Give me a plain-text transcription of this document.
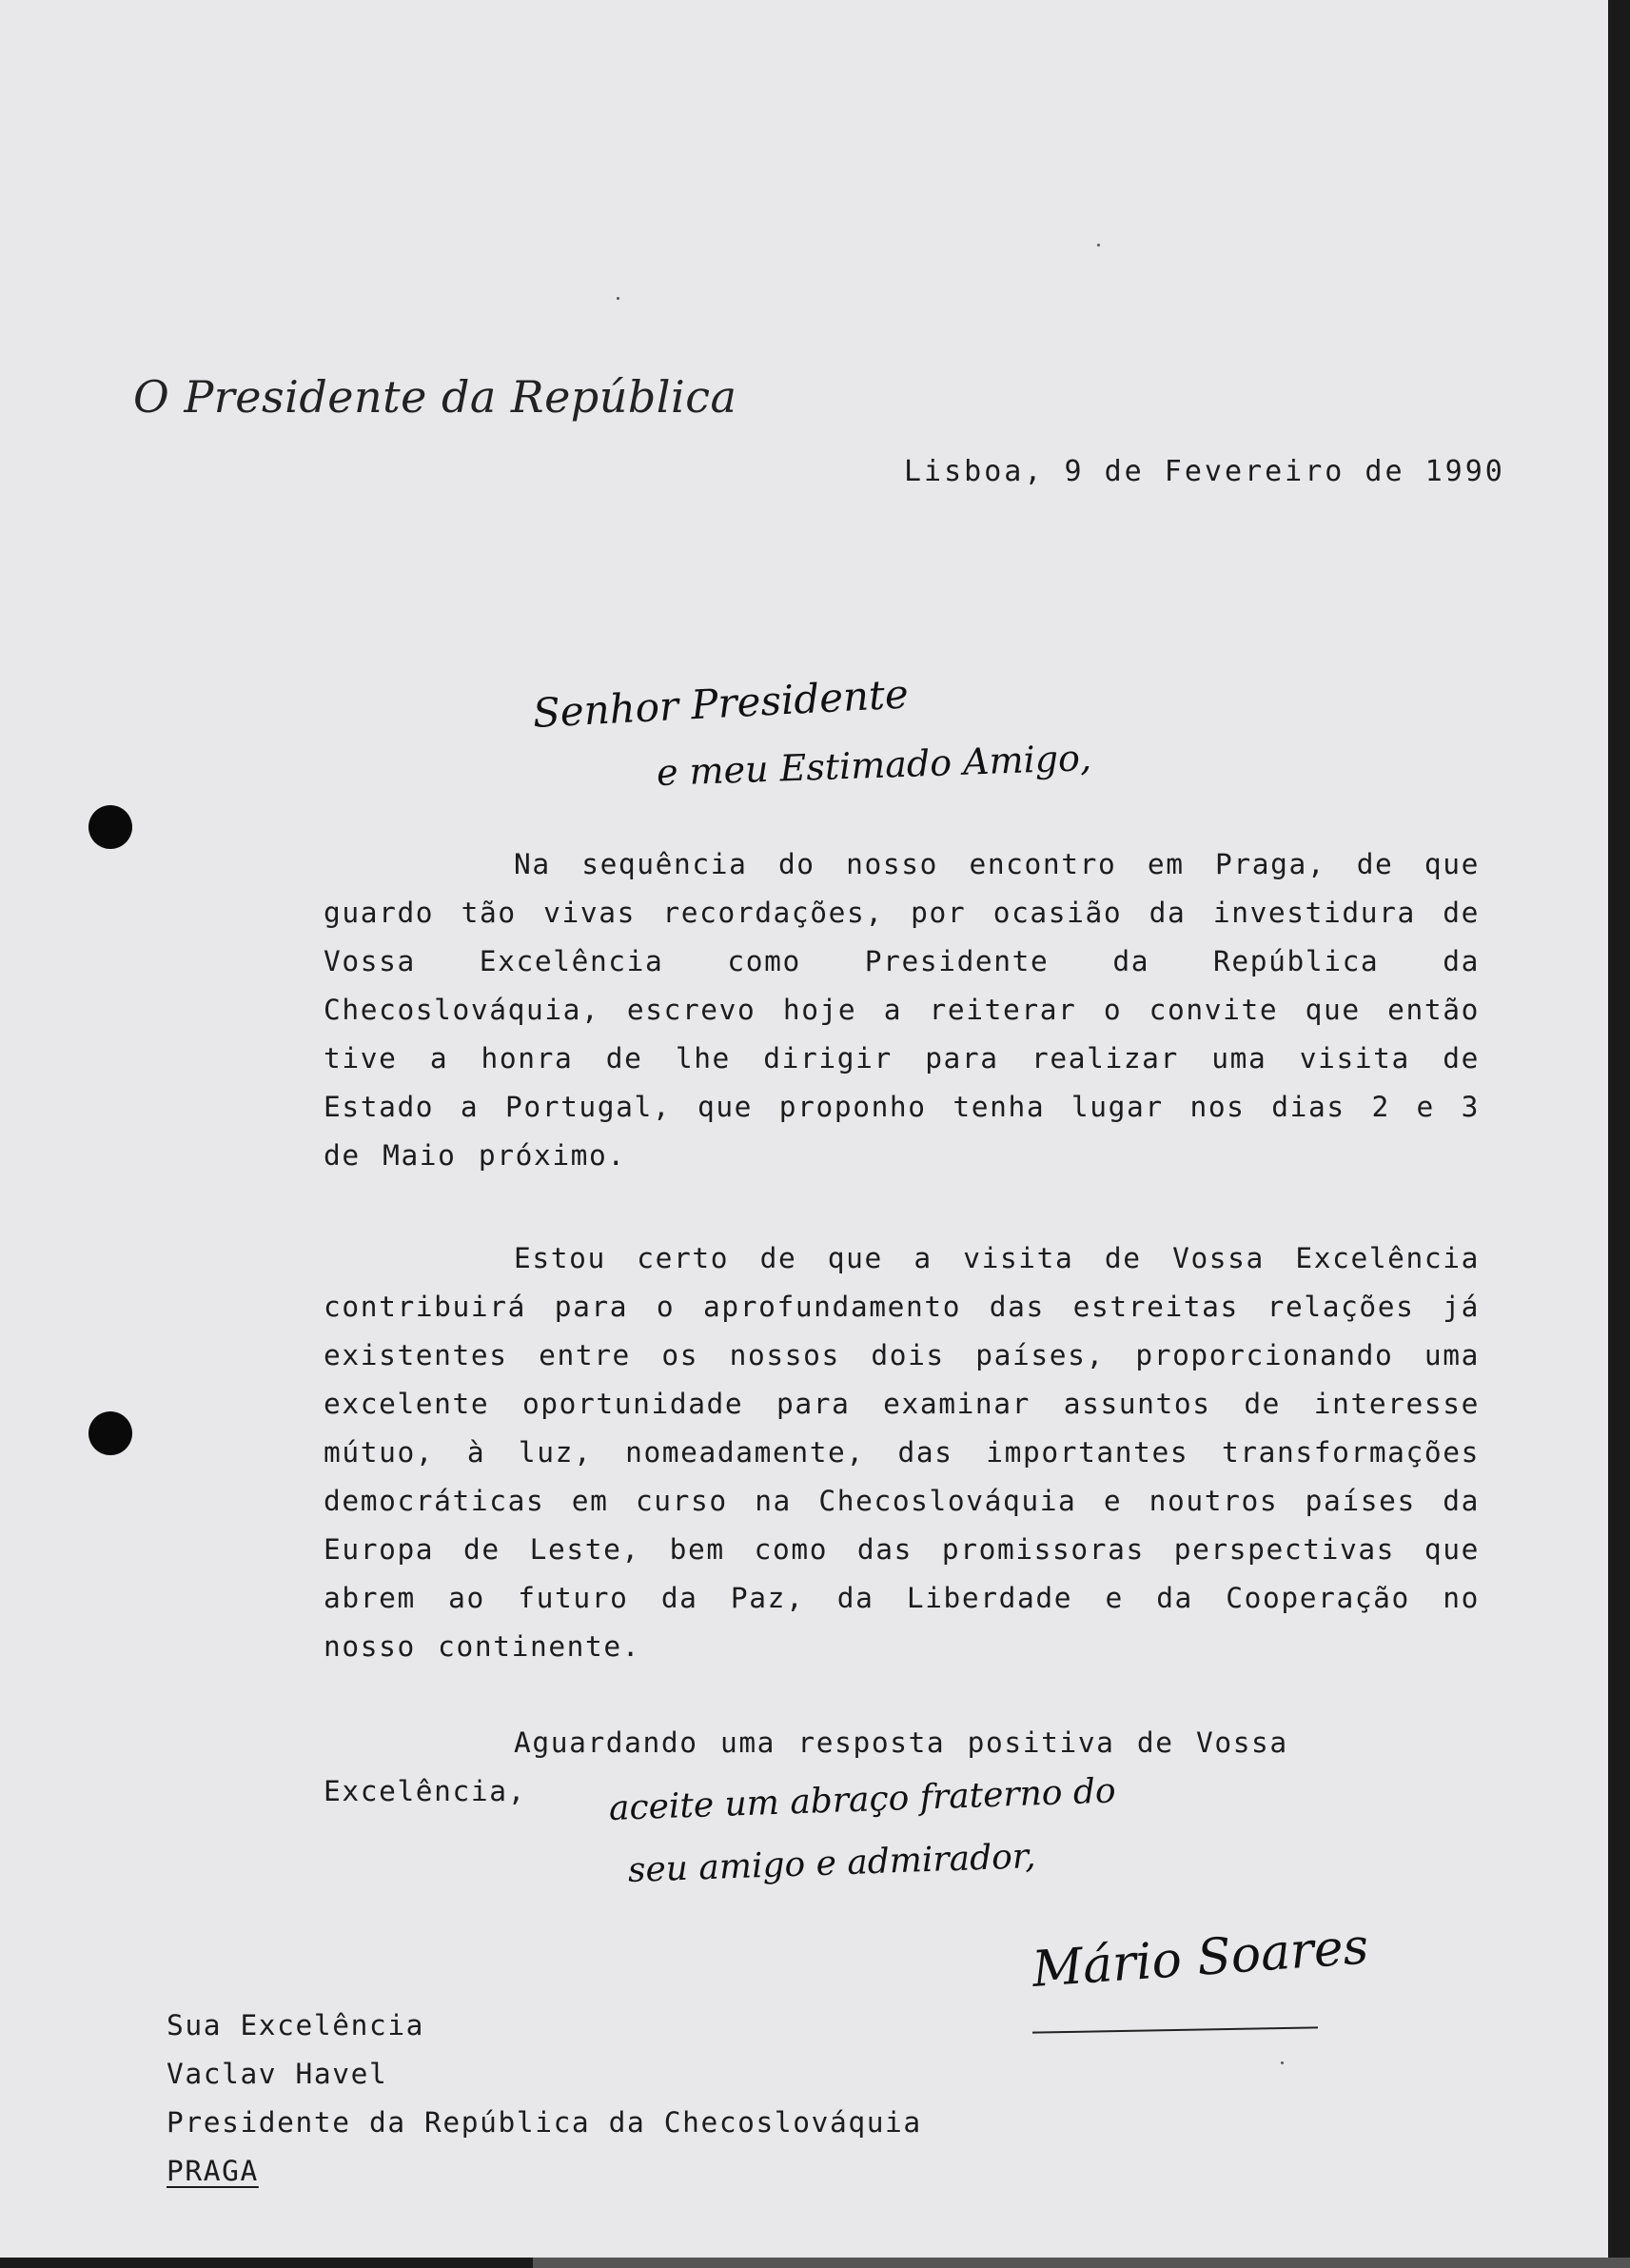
O Presidente da República
Lisboa, 9 de Fevereiro de 1990
Senhor Presidente
e meu Estimado Amigo,

Na sequência do nosso encontro em Praga, de que guardo tão vivas recordações, por ocasião da investidura de Vossa Excelência como Presidente da República da Checoslováquia, escrevo hoje a reiterar o convite que então tive a honra de lhe dirigir para realizar uma visita de Estado a Portugal, que proponho tenha lugar nos dias 2 e 3 de Maio próximo.

Estou certo de que a visita de Vossa Excelência contribuirá para o aprofundamento das estreitas relações já existentes entre os nossos dois países, proporcionando uma excelente oportunidade para examinar assuntos de interesse mútuo, à luz, nomeadamente, das importantes transformações democráticas em curso na Checoslováquia e noutros países da Europa de Leste, bem como das promissoras perspectivas que abrem ao futuro da Paz, da Liberdade e da Cooperação no nosso continente.

Aguardando uma resposta positiva de Vossa
Excelência,	aceite um abraço fraterno do
seu amigo e admirador,
Mário Soares
Sua Excelência
Vaclav Havel
Presidente da República da Checoslováquia
PRAGA
